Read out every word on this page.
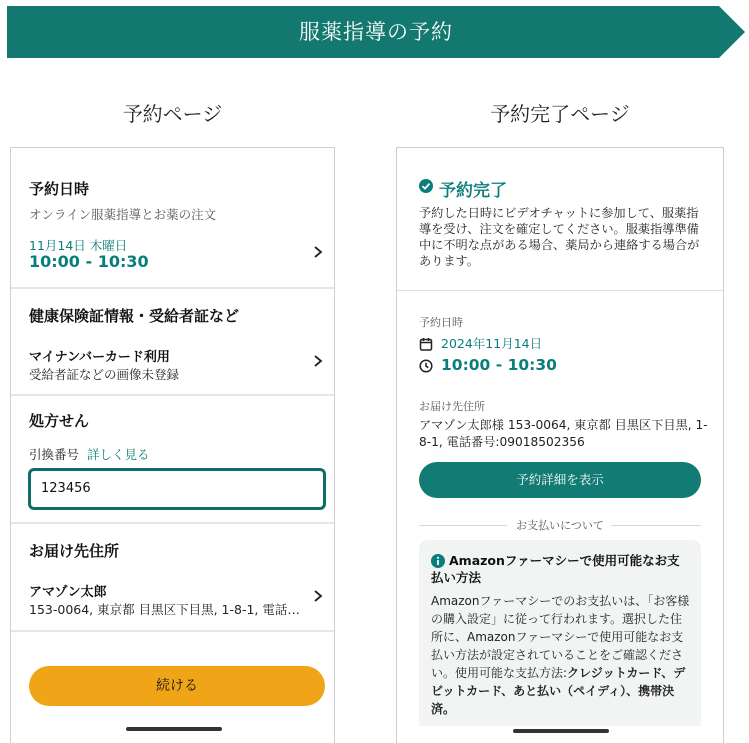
服薬指導の予約
予約ページ	予約完了ページ
予約日時
オンライン服薬指導とお薬の注文
11月14日 木曜日
10:00 - 10:30
健康保険証情報・受給者証など
マイナンバーカード利用
受給者証などの画像未登録
処方せん
引換番号 詳しく見る
123456
お届け先住所
アマゾン太郎
153-0064, 東京都 目黒区下目黒, 1-8-1, 電話…
続ける
予約完了
予約した日時にビデオチャットに参加して、服薬指導を受け、注文を確定してください。服薬指導準備中に不明な点がある場合、薬局から連絡する場合があります。
予約日時
2024年11月14日
10:00 - 10:30
お届け先住所
アマゾン太郎様 153-0064, 東京都 目黒区下目黒, 1-8-1, 電話番号:09018502356
予約詳細を表示
お支払いについて
Amazonファーマシーで使用可能なお支払い方法
Amazonファーマシーでのお支払いは、「お客様の購入設定」に従って行われます。選択した住所に、Amazonファーマシーで使用可能なお支払い方法が設定されていることをご確認ください。使用可能な支払方法:クレジットカード、デビットカード、あと払い（ペイディ）、携帯決済。
